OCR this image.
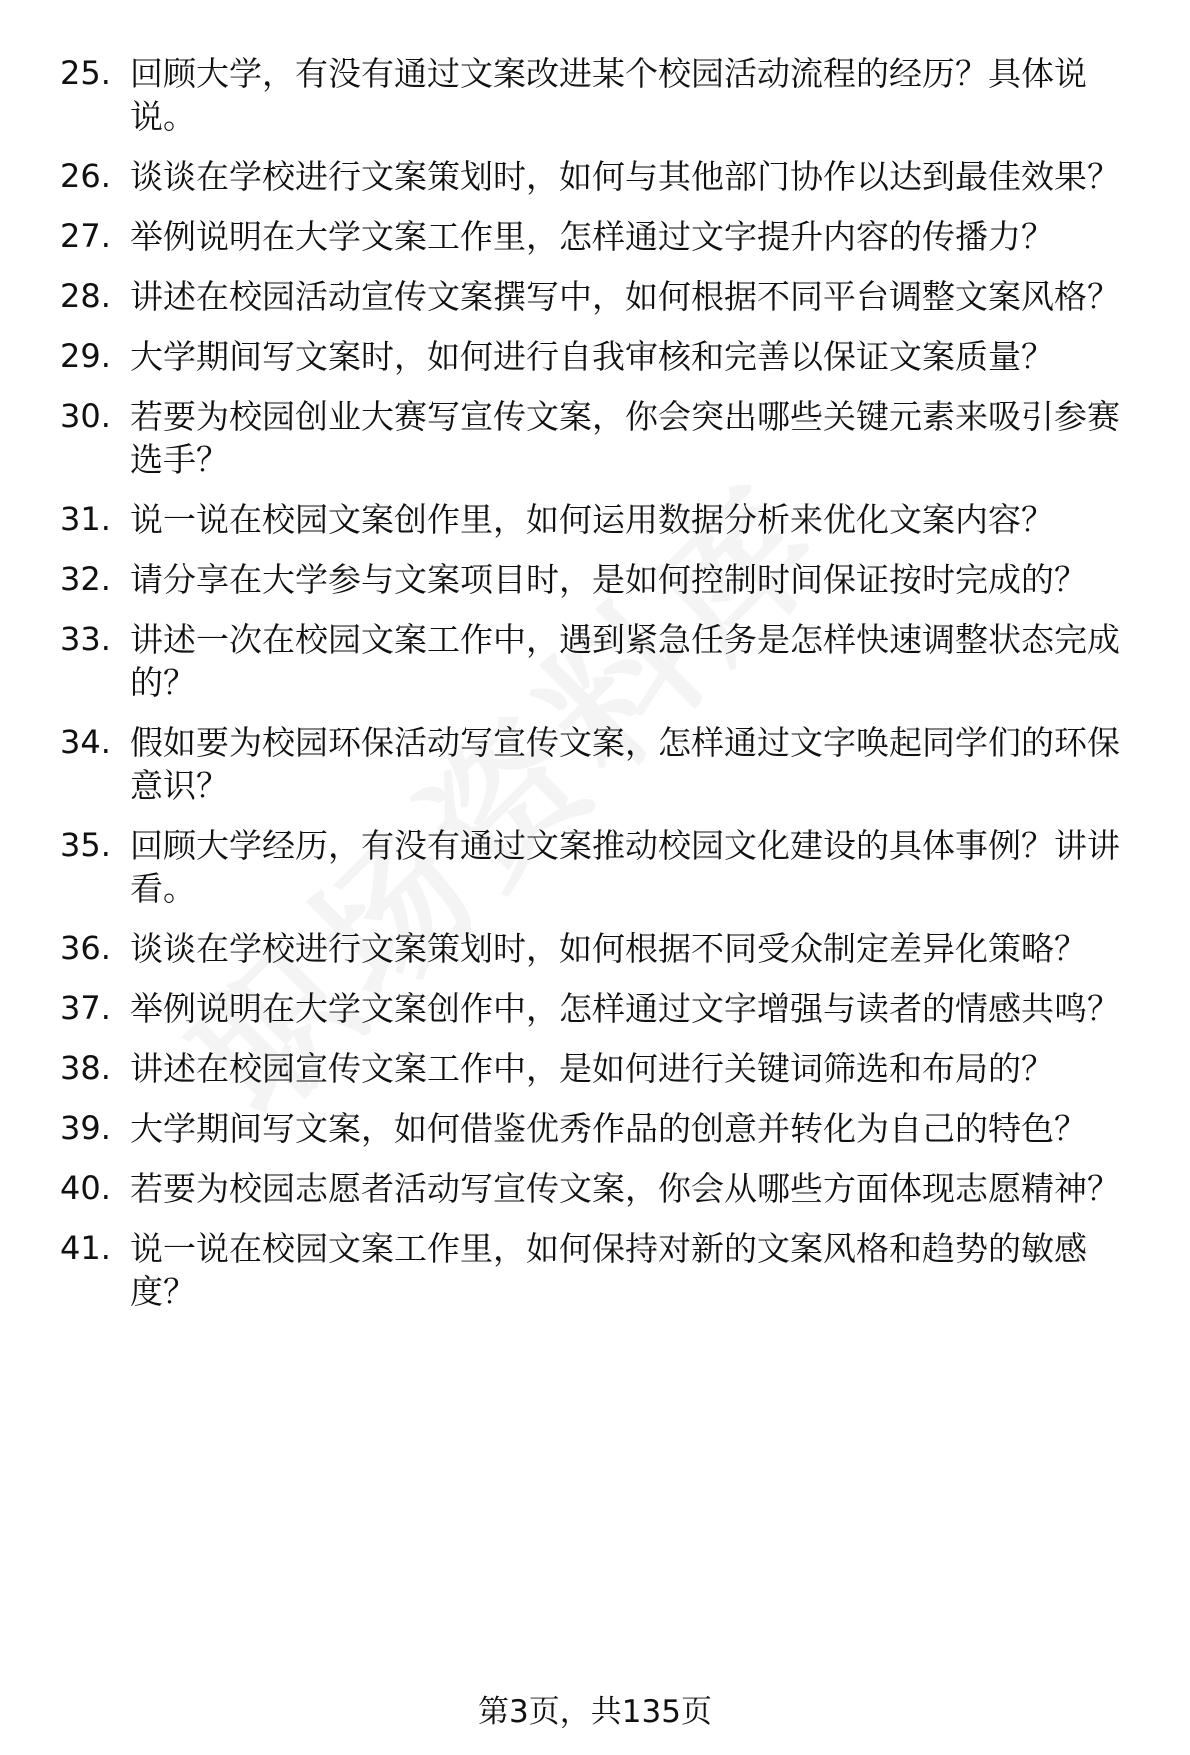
25. 回顾大学，有没有通过文案改进某个校园活动流程的经历？具体说说。
26. 谈谈在学校进行文案策划时，如何与其他部门协作以达到最佳效果？
27. 举例说明在大学文案工作里，怎样通过文字提升内容的传播力？
28. 讲述在校园活动宣传文案撰写中，如何根据不同平台调整文案风格？
29. 大学期间写文案时，如何进行自我审核和完善以保证文案质量？
30. 若要为校园创业大赛写宣传文案，你会突出哪些关键元素来吸引参赛选手？
31. 说一说在校园文案创作里，如何运用数据分析来优化文案内容？
32. 请分享在大学参与文案项目时，是如何控制时间保证按时完成的？
33. 讲述一次在校园文案工作中，遇到紧急任务是怎样快速调整状态完成的？
34. 假如要为校园环保活动写宣传文案，怎样通过文字唤起同学们的环保意识？
35. 回顾大学经历，有没有通过文案推动校园文化建设的具体事例？讲讲看。
36. 谈谈在学校进行文案策划时，如何根据不同受众制定差异化策略？
37. 举例说明在大学文案创作中，怎样通过文字增强与读者的情感共鸣？
38. 讲述在校园宣传文案工作中，是如何进行关键词筛选和布局的？
39. 大学期间写文案，如何借鉴优秀作品的创意并转化为自己的特色？
40. 若要为校园志愿者活动写宣传文案，你会从哪些方面体现志愿精神？
41. 说一说在校园文案工作里，如何保持对新的文案风格和趋势的敏感度？
第3页，共135页
